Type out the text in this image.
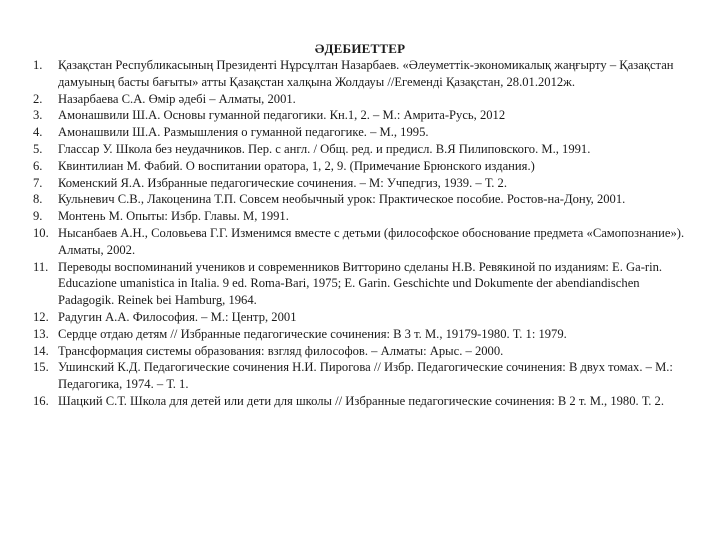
ӘДЕБИЕТТЕР
1.	Қазақстан Республикасының Президенті Нұрсұлтан Назарбаев. «Әлеуметтік-экономикалық жаңғырту – Қазақстан дамуының басты бағыты» атты Қазақстан халқына Жолдауы //Егеменді Қазақстан, 28.01.2012ж.
2.	Назарбаева С.А. Өмір әдебі – Алматы, 2001.
3.	Амонашвили Ш.А. Основы гуманной педагогики. Кн.1, 2. – М.: Амрита-Русь, 2012
4.	Амонашвили Ш.А. Размышления о гуманной педагогике. – М., 1995.
5.	Глассар У. Школа без неудачников. Пер. с англ. / Общ. ред. и предисл. В.Я Пилиповского. М., 1991.
6.	Квинтилиан М. Фабий. О воспитании оратора, 1, 2, 9. (Примечание Брюнского издания.)
7.	Коменский Я.А. Избранные педагогические сочинения. – М: Учпедгиз, 1939. – Т. 2.
8.	Кульневич С.В., Лакоценина Т.П. Совсем необычный урок: Практическое пособие. Ростов-на-Дону, 2001.
9.	Монтень М. Опыты: Избр. Главы. М, 1991.
10. Нысанбаев А.Н., Соловьева Г.Г. Изменимся вместе с детьми (философское обоснование предмета «Самопознание»). Алматы, 2002.
11. Переводы воспоминаний учеников и современников Витторино сделаны Н.В. Ревякиной по изданиям: E. Ga-rin. Educazione umanistica in Italia. 9 ed. Roma-Bari, 1975; E. Garin. Geschichte und Dokumente der abendiandischen Padagogik. Reinek bei Hamburg, 1964.
12. Радугин А.А. Философия. – М.: Центр, 2001
13. Сердце отдаю детям // Избранные педагогические сочинения: В 3 т. М., 19179-1980. Т. 1: 1979.
14. Трансформация системы образования: взгляд философов. – Алматы: Арыс. – 2000.
15. Ушинский К.Д. Педагогические сочинения Н.И. Пирогова // Избр. Педагогические сочинения: В двух томах. – М.: Педагогика, 1974. – Т. 1.
16. Шацкий С.Т. Школа для детей или дети для школы // Избранные педагогические сочинения: В 2 т. М., 1980. Т. 2.
